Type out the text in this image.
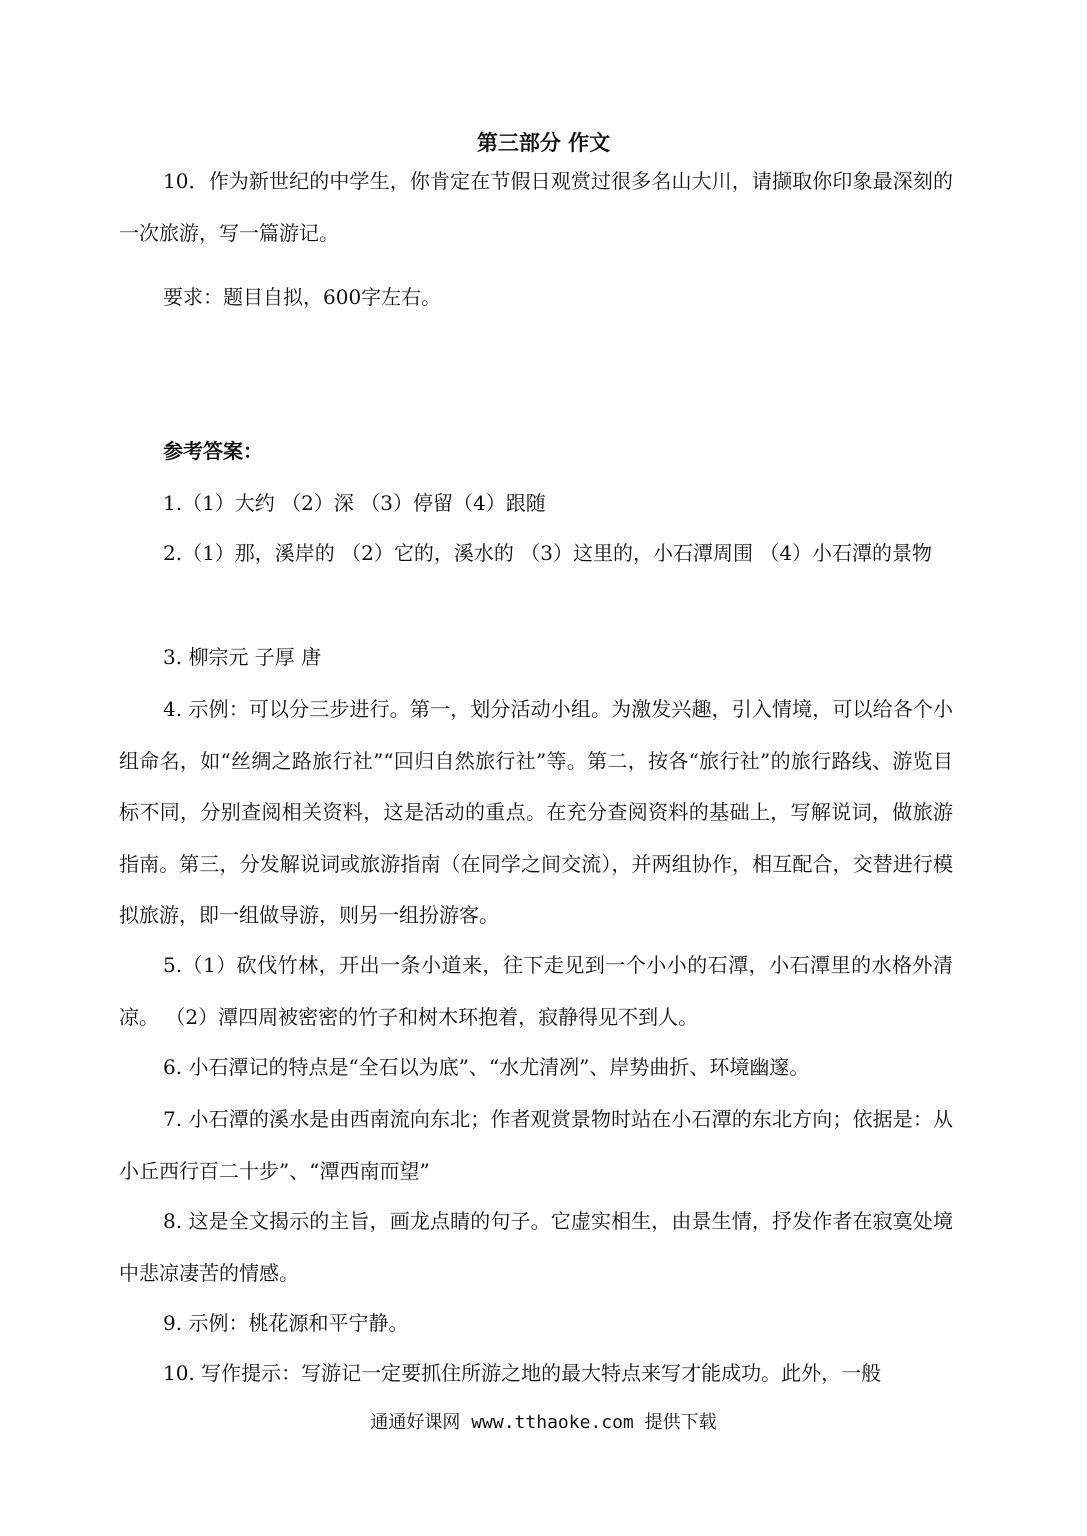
第三部分 作文
10．作为新世纪的中学生，你肯定在节假日观赏过很多名山大川，请撷取你印象最深刻的一次旅游，写一篇游记。
要求：题目自拟，600字左右。
参考答案：
1.（1）大约 （2）深 （3）停留（4）跟随
2.（1）那，溪岸的 （2）它的，溪水的 （3）这里的，小石潭周围 （4）小石潭的景物
3. 柳宗元 子厚 唐
4. 示例：可以分三步进行。第一，划分活动小组。为激发兴趣，引入情境，可以给各个小组命名，如“丝绸之路旅行社”“回归自然旅行社”等。第二，按各“旅行社”的旅行路线、游览目标不同，分别查阅相关资料，这是活动的重点。在充分查阅资料的基础上，写解说词，做旅游指南。第三，分发解说词或旅游指南（在同学之间交流），并两组协作，相互配合，交替进行模拟旅游，即一组做导游，则另一组扮游客。
5.（1）砍伐竹林，开出一条小道来，往下走见到一个小小的石潭，小石潭里的水格外清凉。 （2）潭四周被密密的竹子和树木环抱着，寂静得见不到人。
6. 小石潭记的特点是“全石以为底”、“水尤清冽”、岸势曲折、环境幽邃。
7. 小石潭的溪水是由西南流向东北；作者观赏景物时站在小石潭的东北方向；依据是：从小丘西行百二十步”、“潭西南而望”
8. 这是全文揭示的主旨，画龙点睛的句子。它虚实相生，由景生情，抒发作者在寂寞处境中悲凉凄苦的情感。
9. 示例：桃花源和平宁静。
10. 写作提示：写游记一定要抓住所游之地的最大特点来写才能成功。此外，一般
通通好课网 www.tthaoke.com 提供下载
